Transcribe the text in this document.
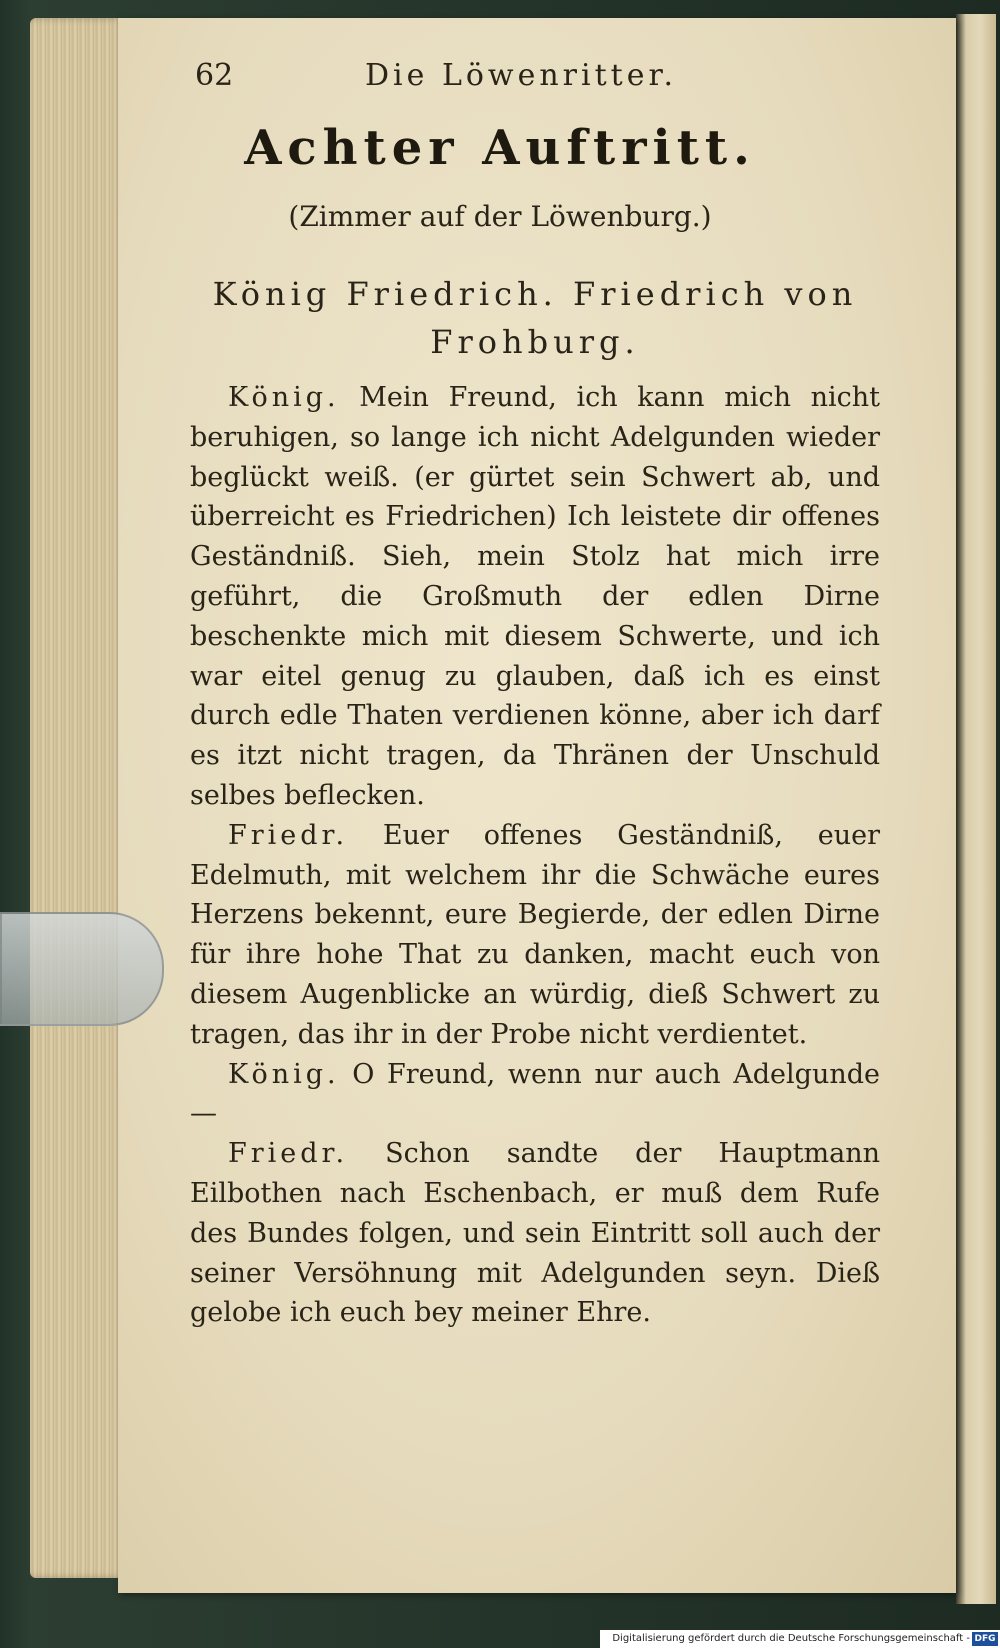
62	Die Löwenritter.
Achter Auftritt.
(Zimmer auf der Löwenburg.)
König Friedrich. Friedrich von Frohburg.

König. Mein Freund, ich kann mich nicht beruhigen, so lange ich nicht Adelgunden wieder beglückt weiß. (er gürtet sein Schwert ab, und überreicht es Friedrichen) Ich leistete dir offenes Geständniß. Sieh, mein Stolz hat mich irre geführt, die Großmuth der edlen Dirne beschenkte mich mit diesem Schwerte, und ich war eitel genug zu glauben, daß ich es einst durch edle Thaten verdienen könne, aber ich darf es itzt nicht tragen, da Thränen der Unschuld selbes beflecken.

Friedr. Euer offenes Geständniß, euer Edelmuth, mit welchem ihr die Schwäche eures Herzens bekennt, eure Begierde, der edlen Dirne für ihre hohe That zu danken, macht euch von diesem Augenblicke an würdig, dieß Schwert zu tragen, das ihr in der Probe nicht verdientet.

König. O Freund, wenn nur auch Adelgunde —

Friedr. Schon sandte der Hauptmann Eilbothen nach Eschenbach, er muß dem Rufe des Bundes folgen, und sein Eintritt soll auch der seiner Versöhnung mit Adelgunden seyn. Dieß gelobe ich euch bey meiner Ehre.

Digitalisierung gefördert durch die Deutsche Forschungsgemeinschaft - DFG
